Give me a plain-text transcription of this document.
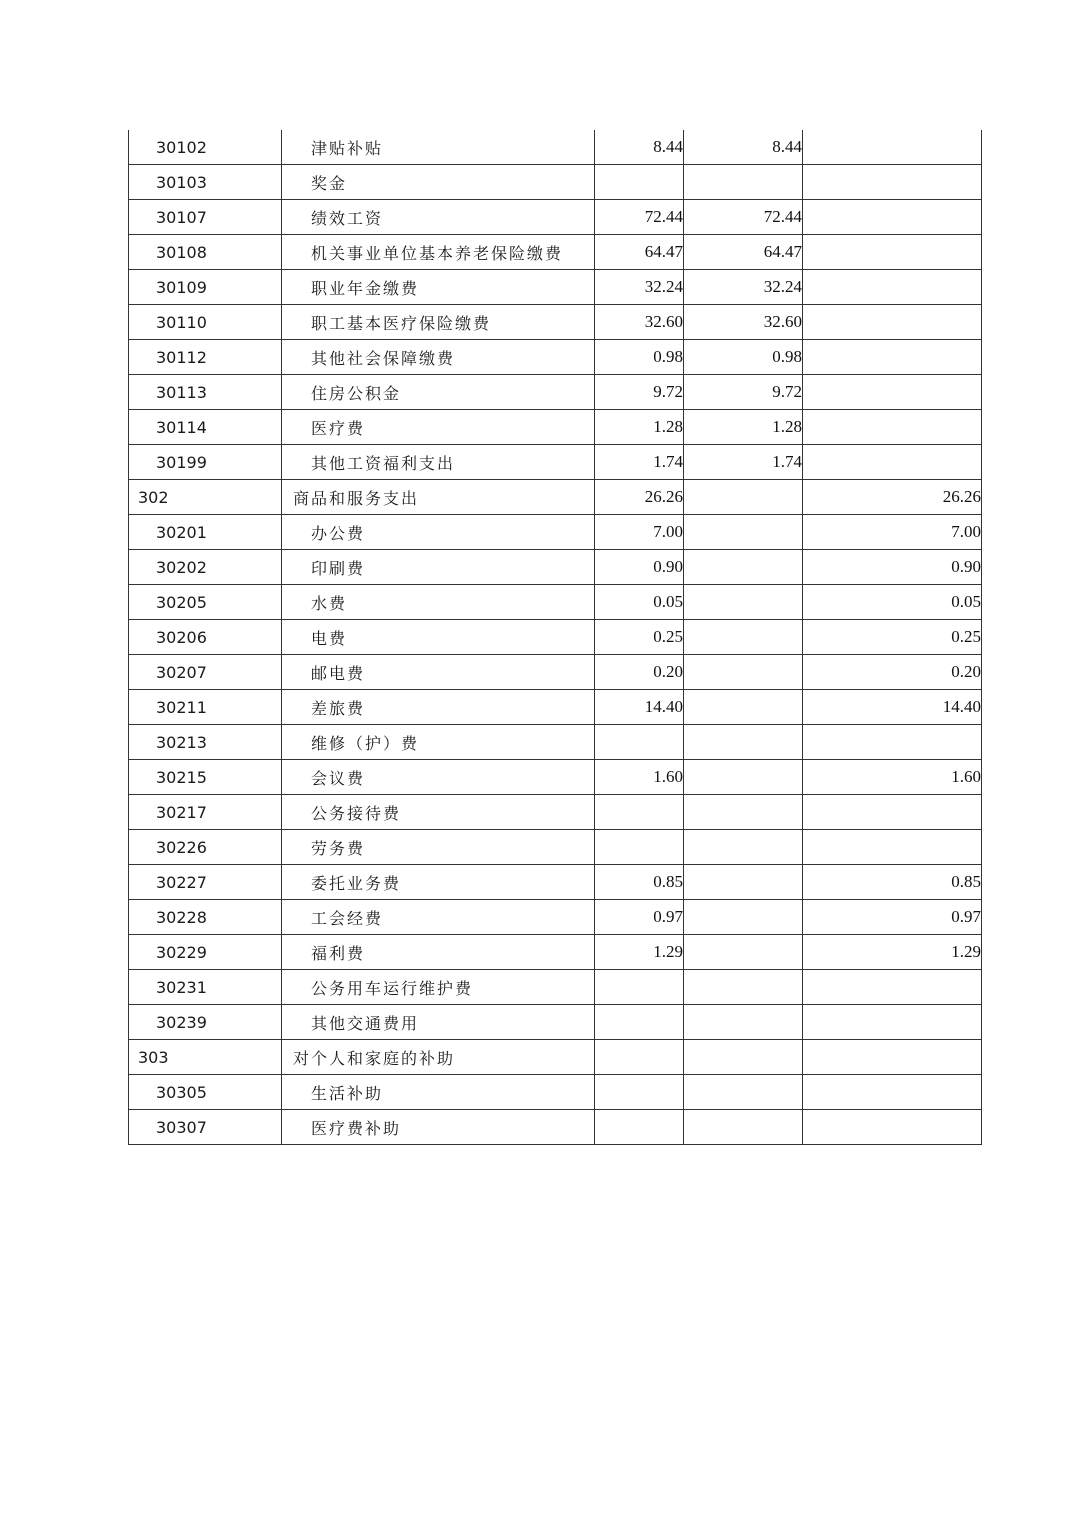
30102	津贴补贴	8.44	8.44	
30103	奖金			
30107	绩效工资	72.44	72.44	
30108	机关事业单位基本养老保险缴费	64.47	64.47	
30109	职业年金缴费	32.24	32.24	
30110	职工基本医疗保险缴费	32.60	32.60	
30112	其他社会保障缴费	0.98	0.98	
30113	住房公积金	9.72	9.72	
30114	医疗费	1.28	1.28	
30199	其他工资福利支出	1.74	1.74	
302	商品和服务支出	26.26		26.26
30201	办公费	7.00		7.00
30202	印刷费	0.90		0.90
30205	水费	0.05		0.05
30206	电费	0.25		0.25
30207	邮电费	0.20		0.20
30211	差旅费	14.40		14.40
30213	维修（护）费			
30215	会议费	1.60		1.60
30217	公务接待费			
30226	劳务费			
30227	委托业务费	0.85		0.85
30228	工会经费	0.97		0.97
30229	福利费	1.29		1.29
30231	公务用车运行维护费			
30239	其他交通费用			
303	对个人和家庭的补助			
30305	生活补助			
30307	医疗费补助			
